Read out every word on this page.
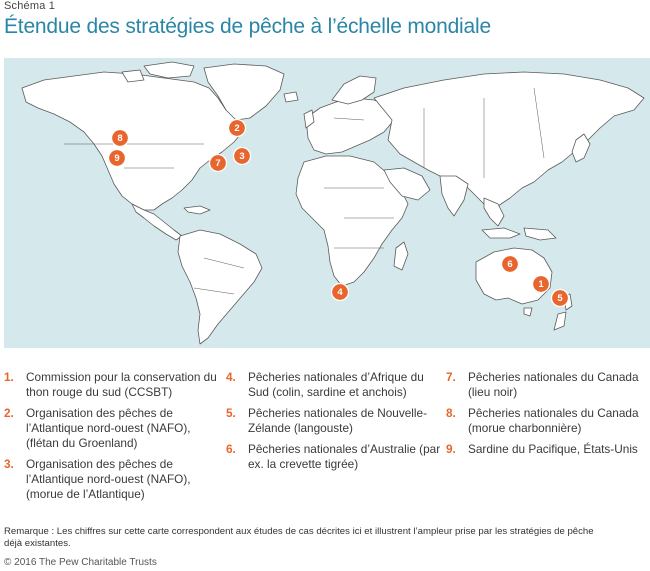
Schéma 1
Étendue des stratégies de pêche à l’échelle mondiale
8
2
9	3
7
4
6
1
5
1. Commission pour la conservation du thon rouge du sud (CCSBT)
2. Organisation des pêches de l’Atlantique nord-ouest (NAFO), (flétan du Groenland)
3. Organisation des pêches de l’Atlantique nord-ouest (NAFO), (morue de l’Atlantique)
4. Pêcheries nationales d’Afrique du Sud (colin, sardine et anchois)
5. Pêcheries nationales de Nouvelle-Zélande (langouste)
6. Pêcheries nationales d’Australie (par ex. la crevette tigrée)
7. Pêcheries nationales du Canada (lieu noir)
8. Pêcheries nationales du Canada (morue charbonnière)
9. Sardine du Pacifique, États-Unis
Remarque : Les chiffres sur cette carte correspondent aux études de cas décrites ici et illustrent l’ampleur prise par les stratégies de pêche déjà existantes.
© 2016 The Pew Charitable Trusts
